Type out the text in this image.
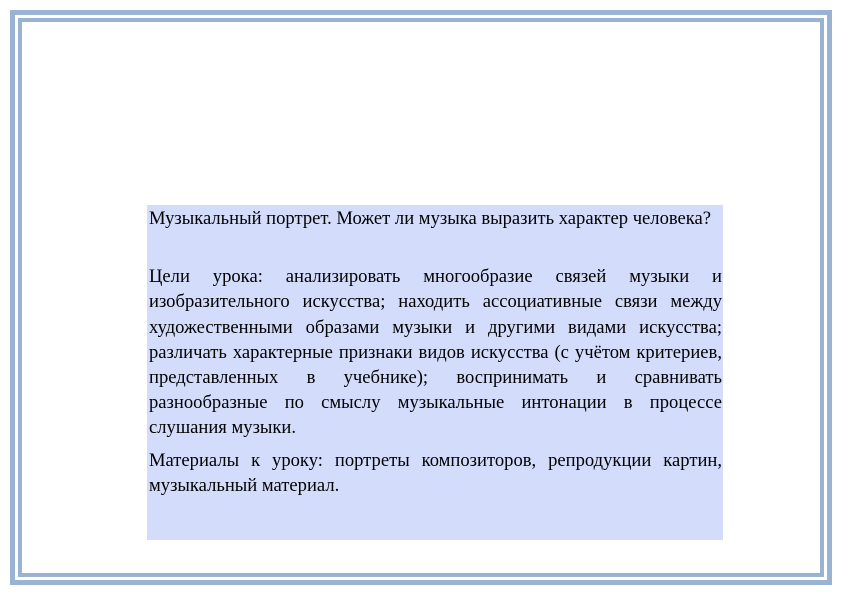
Музыкальный портрет. Может ли музыка выразить характер человека?

Цели урока: анализировать многообразие связей музыки и изобразительного искусства; находить ассоциативные связи между художественными образами музыки и другими видами искусства; различать характерные признаки видов искусства (с учётом критериев, представленных в учебнике); воспринимать и сравнивать разнообразные по смыслу музыкальные интонации в процессе слушания музыки.

Материалы к уроку: портреты композиторов, репродукции картин, музыкальный материал.
